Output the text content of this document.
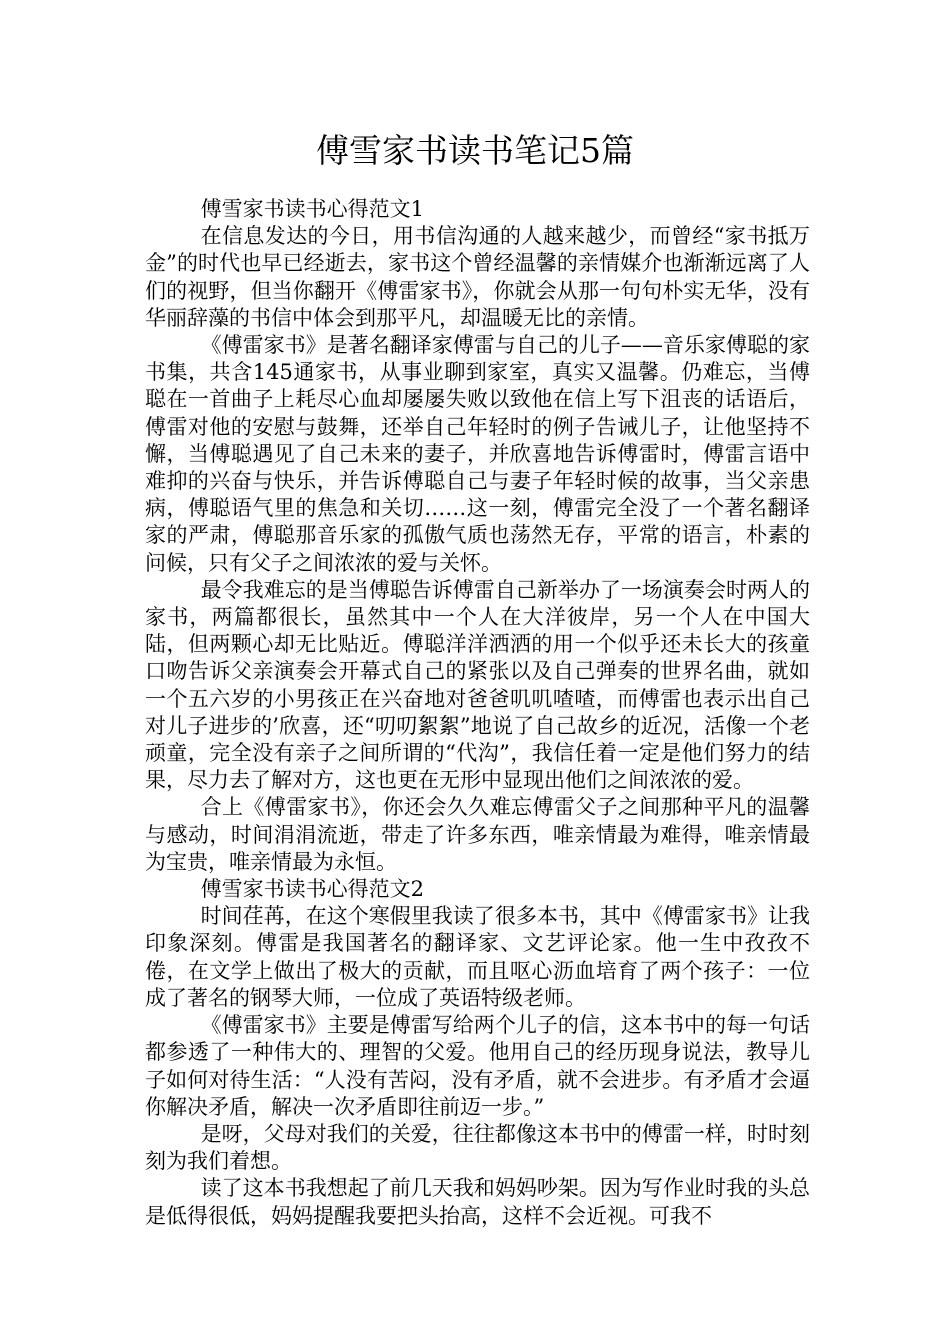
傅雪家书读书笔记5篇

傅雪家书读书心得范文1

在信息发达的今日，用书信沟通的人越来越少，而曾经“家书抵万金”的时代也早已经逝去，家书这个曾经温馨的亲情媒介也渐渐远离了人们的视野，但当你翻开《傅雷家书》，你就会从那一句句朴实无华，没有华丽辞藻的书信中体会到那平凡，却温暖无比的亲情。

《傅雷家书》是著名翻译家傅雷与自己的儿子——音乐家傅聪的家书集，共含145通家书，从事业聊到家室，真实又温馨。仍难忘，当傅聪在一首曲子上耗尽心血却屡屡失败以致他在信上写下沮丧的话语后，傅雷对他的安慰与鼓舞，还举自己年轻时的例子告诫儿子，让他坚持不懈，当傅聪遇见了自己未来的妻子，并欣喜地告诉傅雷时，傅雷言语中难抑的兴奋与快乐，并告诉傅聪自己与妻子年轻时候的故事，当父亲患病，傅聪语气里的焦急和关切……这一刻，傅雷完全没了一个著名翻译家的严肃，傅聪那音乐家的孤傲气质也荡然无存，平常的语言，朴素的问候，只有父子之间浓浓的爱与关怀。

最令我难忘的是当傅聪告诉傅雷自己新举办了一场演奏会时两人的家书，两篇都很长，虽然其中一个人在大洋彼岸，另一个人在中国大陆，但两颗心却无比贴近。傅聪洋洋洒洒的用一个似乎还未长大的孩童口吻告诉父亲演奏会开幕式自己的紧张以及自己弹奏的世界名曲，就如一个五六岁的小男孩正在兴奋地对爸爸叽叽喳喳，而傅雷也表示出自己对儿子进步的’欣喜，还“叨叨絮絮”地说了自己故乡的近况，活像一个老顽童，完全没有亲子之间所谓的“代沟”，我信任着一定是他们努力的结果，尽力去了解对方，这也更在无形中显现出他们之间浓浓的爱。

合上《傅雷家书》，你还会久久难忘傅雷父子之间那种平凡的温馨与感动，时间涓涓流逝，带走了许多东西，唯亲情最为难得，唯亲情最为宝贵，唯亲情最为永恒。

傅雪家书读书心得范文2

时间荏苒，在这个寒假里我读了很多本书，其中《傅雷家书》让我印象深刻。傅雷是我国著名的翻译家、文艺评论家。他一生中孜孜不倦，在文学上做出了极大的贡献，而且呕心沥血培育了两个孩子：一位成了著名的钢琴大师，一位成了英语特级老师。

《傅雷家书》主要是傅雷写给两个儿子的信，这本书中的每一句话都参透了一种伟大的、理智的父爱。他用自己的经历现身说法，教导儿子如何对待生活：“人没有苦闷，没有矛盾，就不会进步。有矛盾才会逼你解决矛盾，解决一次矛盾即往前迈一步。”

是呀，父母对我们的关爱，往往都像这本书中的傅雷一样，时时刻刻为我们着想。

读了这本书我想起了前几天我和妈妈吵架。因为写作业时我的头总是低得很低，妈妈提醒我要把头抬高，这样不会近视。可我不
